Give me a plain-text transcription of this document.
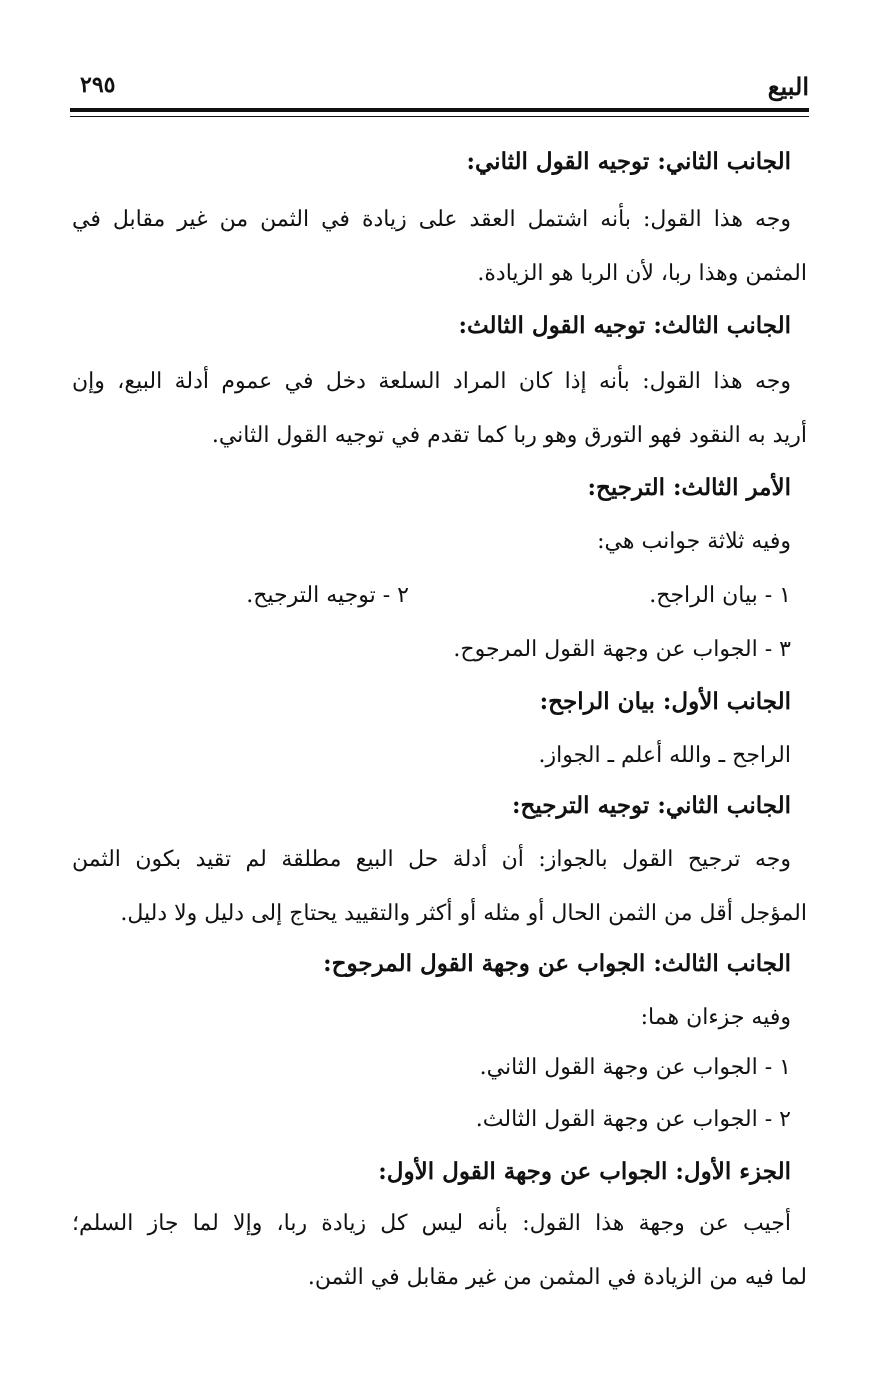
البيع
٢٩٥
الجانب الثاني: توجيه القول الثاني:
وجه هذا القول: بأنه اشتمل العقد على زيادة في الثمن من غير مقابل في
المثمن وهذا ربا، لأن الربا هو الزيادة.
الجانب الثالث: توجيه القول الثالث:
وجه هذا القول: بأنه إذا كان المراد السلعة دخل في عموم أدلة البيع، وإن
أريد به النقود فهو التورق وهو ربا كما تقدم في توجيه القول الثاني.
الأمر الثالث: الترجيح:
وفيه ثلاثة جوانب هي:
١ - بيان الراجح.
٢ - توجيه الترجيح.
٣ - الجواب عن وجهة القول المرجوح.
الجانب الأول: بيان الراجح:
الراجح ـ والله أعلم ـ الجواز.
الجانب الثاني: توجيه الترجيح:
وجه ترجيح القول بالجواز: أن أدلة حل البيع مطلقة لم تقيد بكون الثمن
المؤجل أقل من الثمن الحال أو مثله أو أكثر والتقييد يحتاج إلى دليل ولا دليل.
الجانب الثالث: الجواب عن وجهة القول المرجوح:
وفيه جزءان هما:
١ - الجواب عن وجهة القول الثاني.
٢ - الجواب عن وجهة القول الثالث.
الجزء الأول: الجواب عن وجهة القول الأول:
أجيب عن وجهة هذا القول: بأنه ليس كل زيادة ربا، وإلا لما جاز السلم؛
لما فيه من الزيادة في المثمن من غير مقابل في الثمن.
